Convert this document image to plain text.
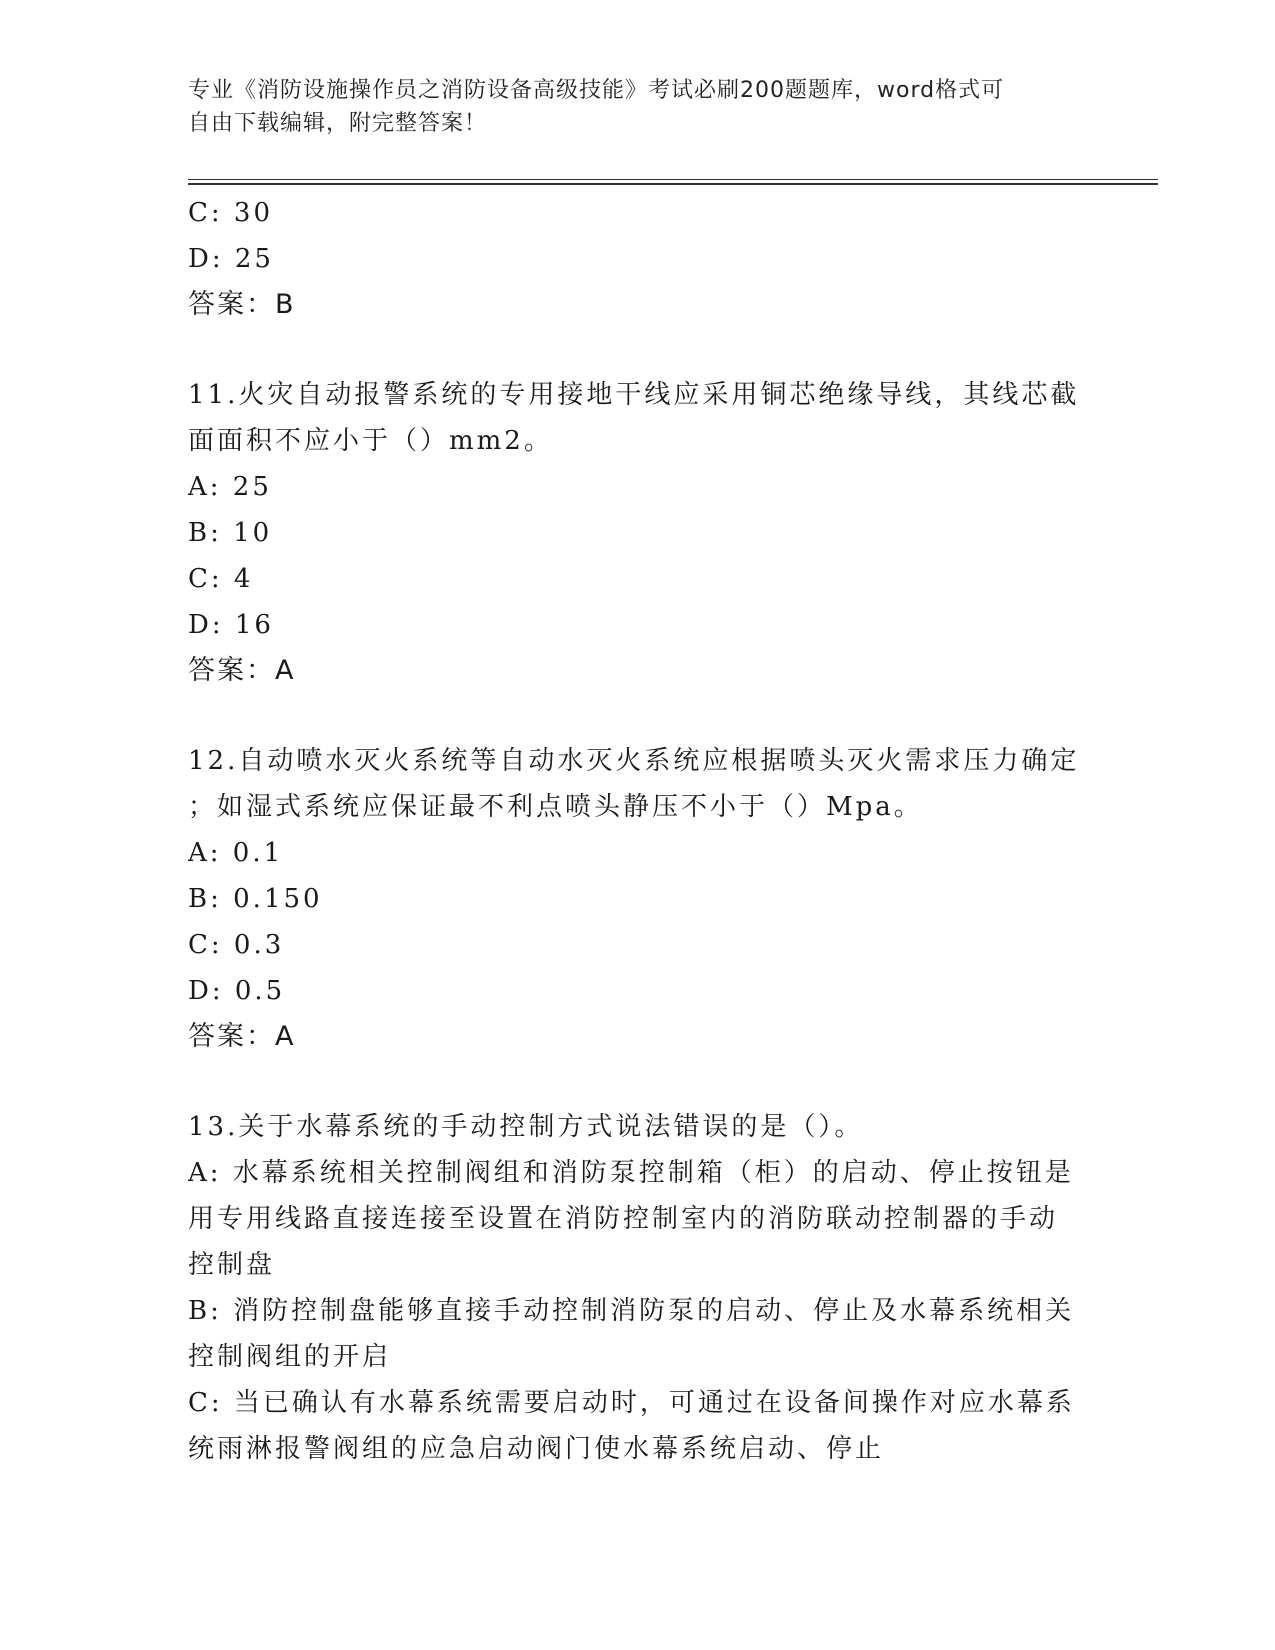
专业《消防设施操作员之消防设备高级技能》考试必刷200题题库，word格式可
自由下载编辑，附完整答案！
C: 30
D: 25
答案：B
11.火灾自动报警系统的专用接地干线应采用铜芯绝缘导线，其线芯截
面面积不应小于（）mm2。
A: 25
B: 10
C: 4
D: 16
答案：A
12.自动喷水灭火系统等自动水灭火系统应根据喷头灭火需求压力确定
；如湿式系统应保证最不利点喷头静压不小于（）Mpa。
A: 0.1
B: 0.150
C: 0.3
D: 0.5
答案：A
13.关于水幕系统的手动控制方式说法错误的是（）。
A: 水幕系统相关控制阀组和消防泵控制箱（柜）的启动、停止按钮是
用专用线路直接连接至设置在消防控制室内的消防联动控制器的手动
控制盘
B: 消防控制盘能够直接手动控制消防泵的启动、停止及水幕系统相关
控制阀组的开启
C: 当已确认有水幕系统需要启动时，可通过在设备间操作对应水幕系
统雨淋报警阀组的应急启动阀门使水幕系统启动、停止
